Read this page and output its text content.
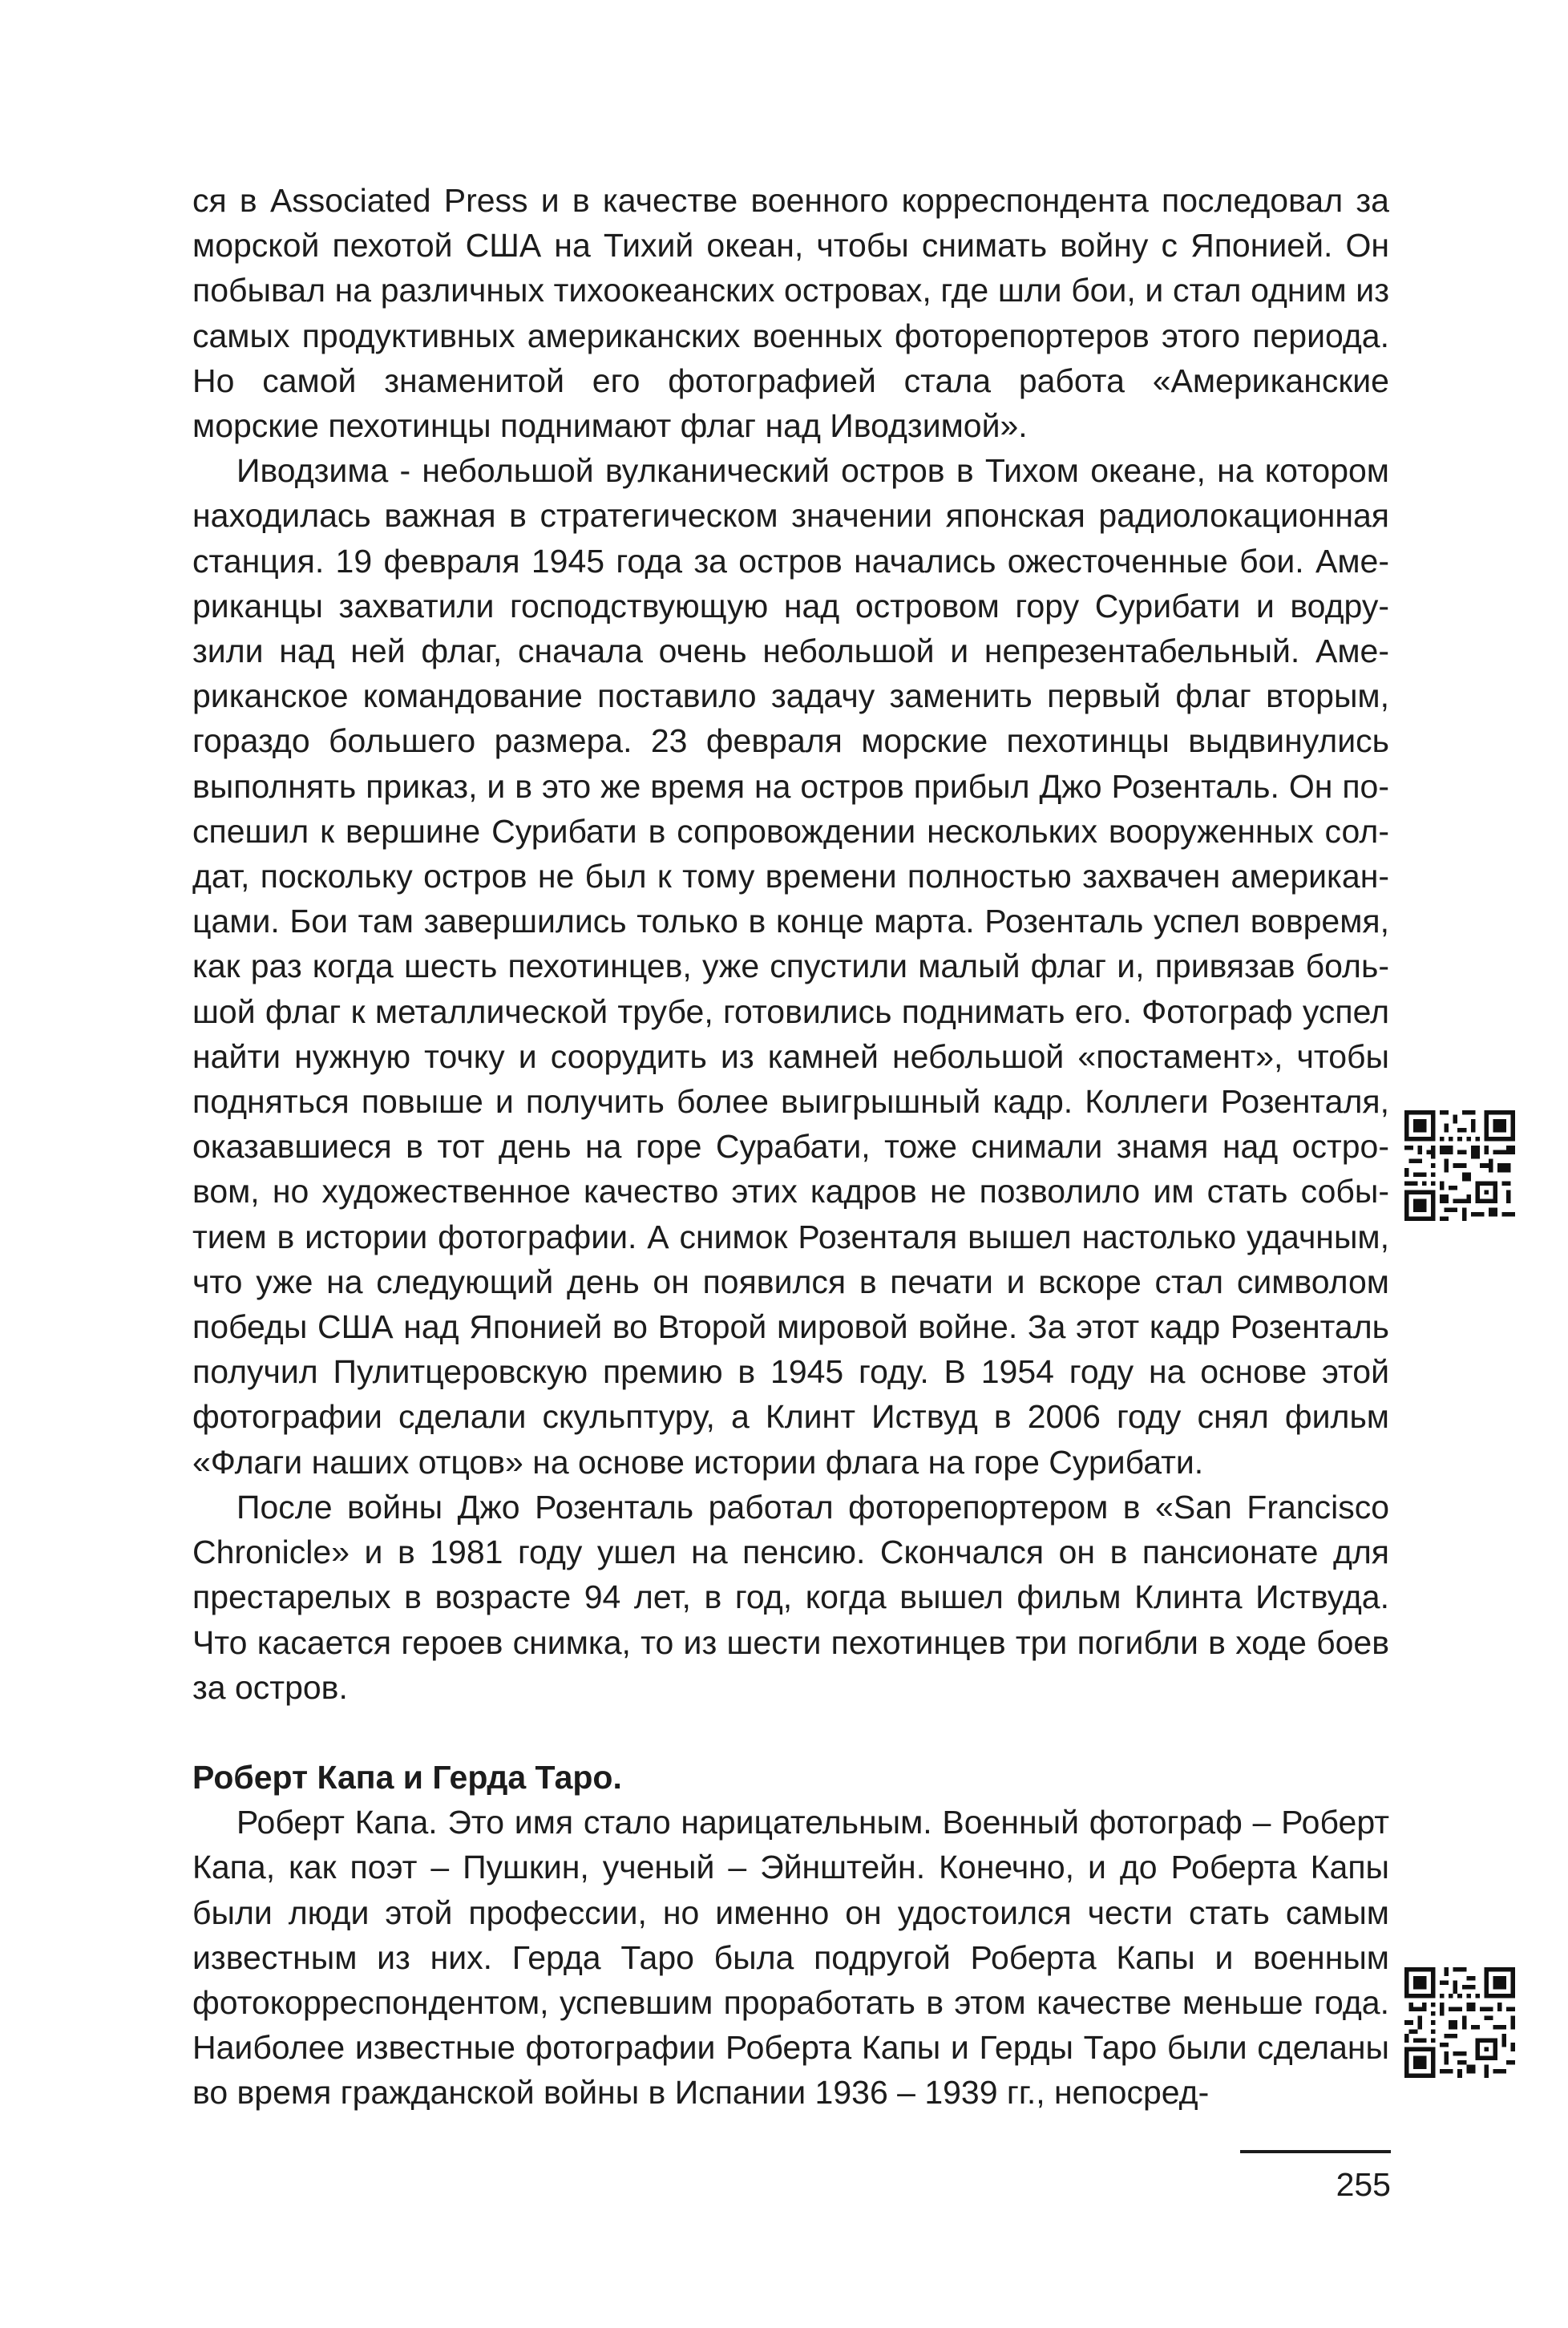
ся в Associated Press и в качестве военного корреспондента последовал за морской пехотой США на Тихий океан, чтобы снимать войну с Японией. Он побывал на различных тихоокеанских островах, где шли бои, и стал одним из самых продуктивных американских военных фоторепортеров этого периода. Но самой знаменитой его фотографией стала работа «Американские морские пехотинцы поднимают флаг над Иводзимой».

Иводзима - небольшой вулканический остров в Тихом океане, на котором находилась важная в стратегическом значении японская радиолокационная станция. 19 февраля 1945 года за остров начались ожесточенные бои. Американцы захватили господствующую над островом гору Сурибати и водрузили над ней флаг, сначала очень небольшой и непрезентабельный. Американское командование поставило задачу заменить первый флаг вторым, гораздо большего размера. 23 февраля морские пехотинцы выдвинулись выполнять приказ, и в это же время на остров прибыл Джо Розенталь. Он поспешил к вершине Сурибати в сопровождении нескольких вооруженных солдат, поскольку остров не был к тому времени полностью захвачен американцами. Бои там завершились только в конце марта. Розенталь успел вовремя, как раз когда шесть пехотинцев, уже спустили малый флаг и, привязав большой флаг к металлической трубе, готовились поднимать его. Фотограф успел найти нужную точку и соорудить из камней небольшой «постамент», чтобы подняться повыше и получить более выигрышный кадр. Коллеги Розенталя, оказавшиеся в тот день на горе Сурабати, тоже снимали знамя над островом, но художественное качество этих кадров не позволило им стать событием в истории фотографии. А снимок Розенталя вышел настолько удачным, что уже на следующий день он появился в печати и вскоре стал символом победы США над Японией во Второй мировой войне. За этот кадр Розенталь получил Пулитцеровскую премию в 1945 году. В 1954 году на основе этой фотографии сделали скульптуру, а Клинт Иствуд в 2006 году снял фильм «Флаги наших отцов» на основе истории флага на горе Сурибати.

После войны Джо Розенталь работал фоторепортером в «San Francisco Chronicle» и в 1981 году ушел на пенсию. Скончался он в пансионате для престарелых в возрасте 94 лет, в год, когда вышел фильм Клинта Иствуда. Что касается героев снимка, то из шести пехотинцев три погибли в ходе боев за остров.

Роберт Капа и Герда Таро.

Роберт Капа. Это имя стало нарицательным. Военный фотограф – Роберт Капа, как поэт – Пушкин, ученый – Эйнштейн. Конечно, и до Роберта Капы были люди этой профессии, но именно он удостоился чести стать самым известным из них. Герда Таро была подругой Роберта Капы и военным фотокорреспондентом, успевшим проработать в этом качестве меньше года. Наиболее известные фотографии Роберта Капы и Герды Таро были сделаны во время гражданской войны в Испании 1936 – 1939 гг., непосред-

255
